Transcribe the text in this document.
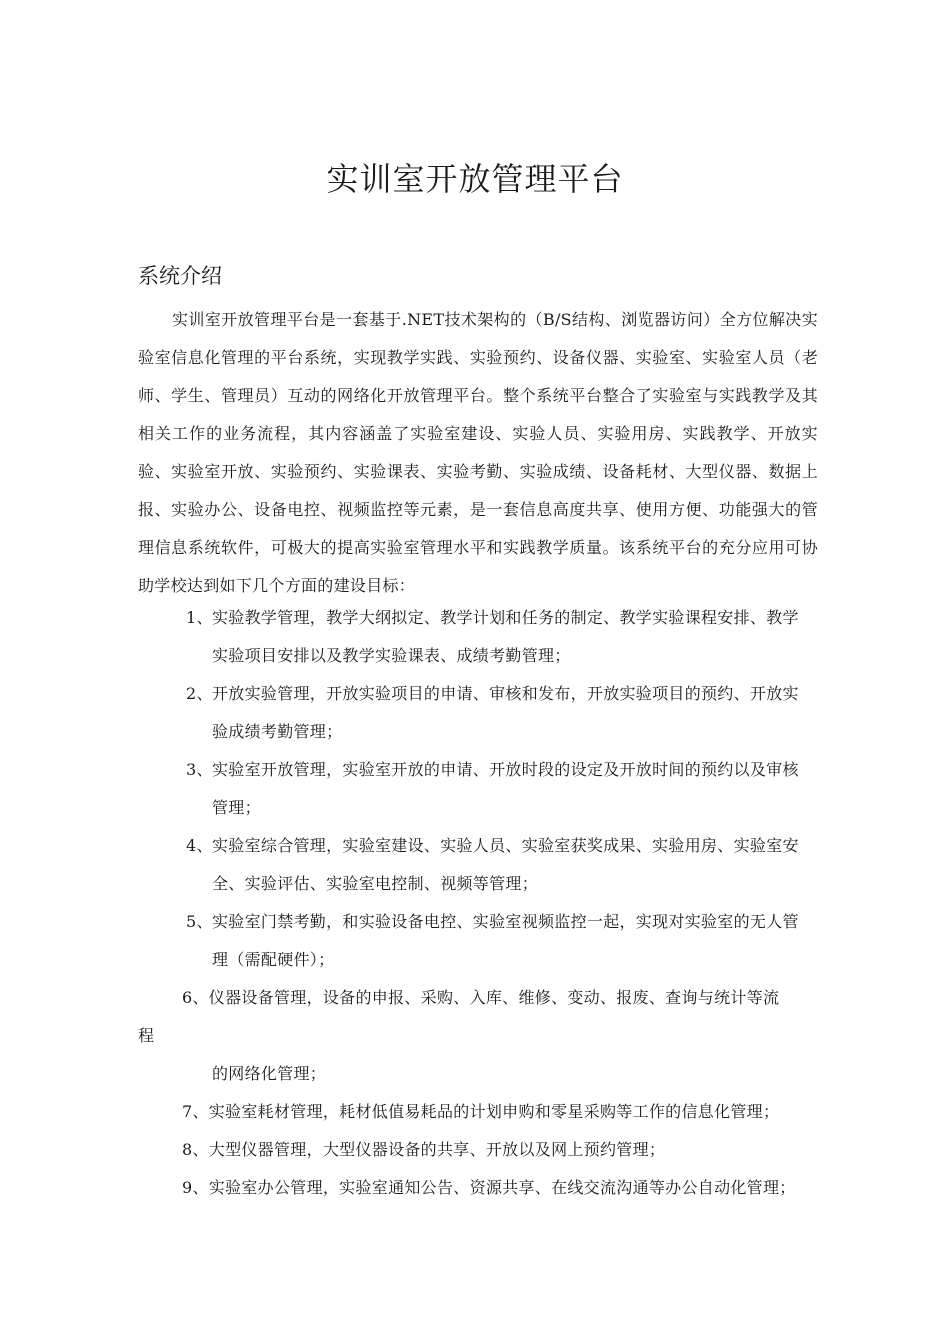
实训室开放管理平台
系统介绍

实训室开放管理平台是一套基于.NET技术架构的（B/S结构、浏览器访问）全方位解决实验室信息化管理的平台系统，实现教学实践、实验预约、设备仪器、实验室、实验室人员（老师、学生、管理员）互动的网络化开放管理平台。整个系统平台整合了实验室与实践教学及其相关工作的业务流程，其内容涵盖了实验室建设、实验人员、实验用房、实践教学、开放实验、实验室开放、实验预约、实验课表、实验考勤、实验成绩、设备耗材、大型仪器、数据上报、实验办公、设备电控、视频监控等元素，是一套信息高度共享、使用方便、功能强大的管理信息系统软件，可极大的提高实验室管理水平和实践教学质量。该系统平台的充分应用可协助学校达到如下几个方面的建设目标：

1、实验教学管理，教学大纲拟定、教学计划和任务的制定、教学实验课程安排、教学实验项目安排以及教学实验课表、成绩考勤管理；
2、开放实验管理，开放实验项目的申请、审核和发布，开放实验项目的预约、开放实验成绩考勤管理；
3、实验室开放管理，实验室开放的申请、开放时段的设定及开放时间的预约以及审核管理；
4、实验室综合管理，实验室建设、实验人员、实验室获奖成果、实验用房、实验室安全、实验评估、实验室电控制、视频等管理；
5、实验室门禁考勤，和实验设备电控、实验室视频监控一起，实现对实验室的无人管理（需配硬件）；
6、仪器设备管理，设备的申报、采购、入库、维修、变动、报废、查询与统计等流
程
的网络化管理；
7、实验室耗材管理，耗材低值易耗品的计划申购和零星采购等工作的信息化管理；
8、大型仪器管理，大型仪器设备的共享、开放以及网上预约管理；
9、实验室办公管理，实验室通知公告、资源共享、在线交流沟通等办公自动化管理；
